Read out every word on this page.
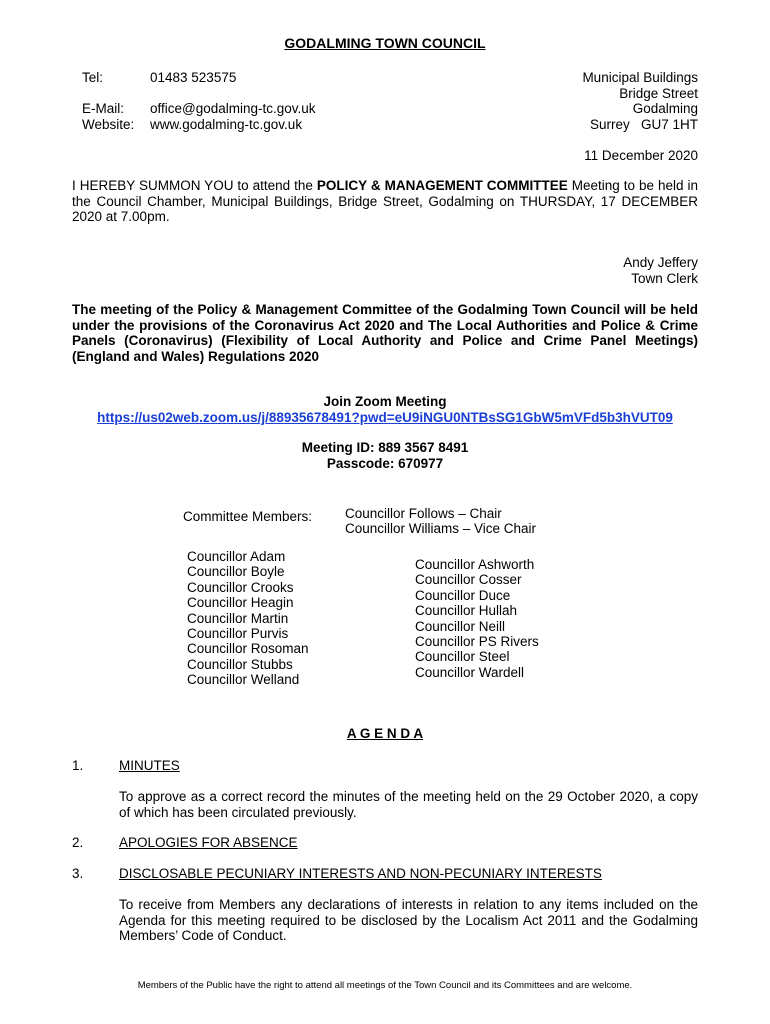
GODALMING TOWN COUNCIL
Tel:	01483 523575
E-Mail: office@godalming-tc.gov.uk
Website: www.godalming-tc.gov.uk
Municipal Buildings
Bridge Street
Godalming
Surrey   GU7 1HT
11 December 2020
I HEREBY SUMMON YOU to attend the POLICY & MANAGEMENT COMMITTEE Meeting to be held in the Council Chamber, Municipal Buildings, Bridge Street, Godalming on THURSDAY, 17 DECEMBER 2020 at 7.00pm.
Andy Jeffery
Town Clerk
The meeting of the Policy & Management Committee of the Godalming Town Council will be held under the provisions of the Coronavirus Act 2020 and The Local Authorities and Police & Crime Panels (Coronavirus) (Flexibility of Local Authority and Police and Crime Panel Meetings) (England and Wales) Regulations 2020
Join Zoom Meeting
https://us02web.zoom.us/j/88935678491?pwd=eU9iNGU0NTBsSG1GbW5mVFd5b3hVUT09
Meeting ID: 889 3567 8491
Passcode: 670977
Committee Members: Councillor Follows – Chair
Councillor Williams – Vice Chair
Councillor Adam
Councillor Boyle
Councillor Crooks
Councillor Heagin
Councillor Martin
Councillor Purvis
Councillor Rosoman
Councillor Stubbs
Councillor Welland
Councillor Ashworth
Councillor Cosser
Councillor Duce
Councillor Hullah
Councillor Neill
Councillor PS Rivers
Councillor Steel
Councillor Wardell
A G E N D A
1.	MINUTES
To approve as a correct record the minutes of the meeting held on the 29 October 2020, a copy of which has been circulated previously.
2.	APOLOGIES FOR ABSENCE
3.	DISCLOSABLE PECUNIARY INTERESTS AND NON-PECUNIARY INTERESTS
To receive from Members any declarations of interests in relation to any items included on the Agenda for this meeting required to be disclosed by the Localism Act 2011 and the Godalming Members’ Code of Conduct.
Members of the Public have the right to attend all meetings of the Town Council and its Committees and are welcome.
